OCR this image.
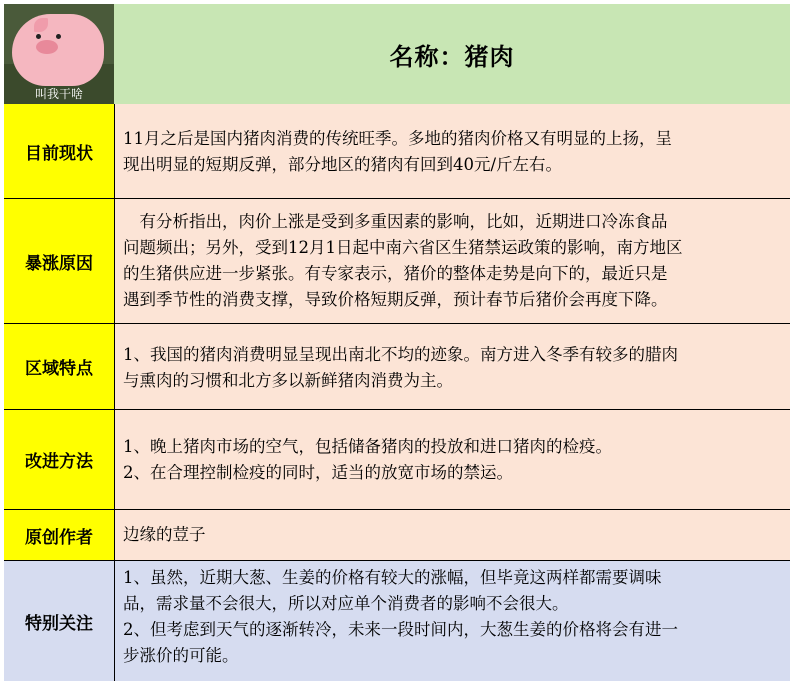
叫我干啥
名称：猪肉
目前现状
11月之后是国内猪肉消费的传统旺季。多地的猪肉价格又有明显的上扬，呈
现出明显的短期反弹，部分地区的猪肉有回到40元/斤左右。
暴涨原因
　有分析指出，肉价上涨是受到多重因素的影响，比如，近期进口冷冻食品
问题频出；另外，受到12月1日起中南六省区生猪禁运政策的影响，南方地区
的生猪供应进一步紧张。有专家表示，猪价的整体走势是向下的，最近只是
遇到季节性的消费支撑，导致价格短期反弹，预计春节后猪价会再度下降。
区域特点
1、我国的猪肉消费明显呈现出南北不均的迹象。南方进入冬季有较多的腊肉
与熏肉的习惯和北方多以新鲜猪肉消费为主。
改进方法
1、晚上猪肉市场的空气，包括储备猪肉的投放和进口猪肉的检疫。
2、在合理控制检疫的同时，适当的放宽市场的禁运。
原创作者	边缘的荳子
特别关注
1、虽然，近期大葱、生姜的价格有较大的涨幅，但毕竟这两样都需要调味
品，需求量不会很大，所以对应单个消费者的影响不会很大。
2、但考虑到天气的逐渐转冷，未来一段时间内，大葱生姜的价格将会有进一
步涨价的可能。
